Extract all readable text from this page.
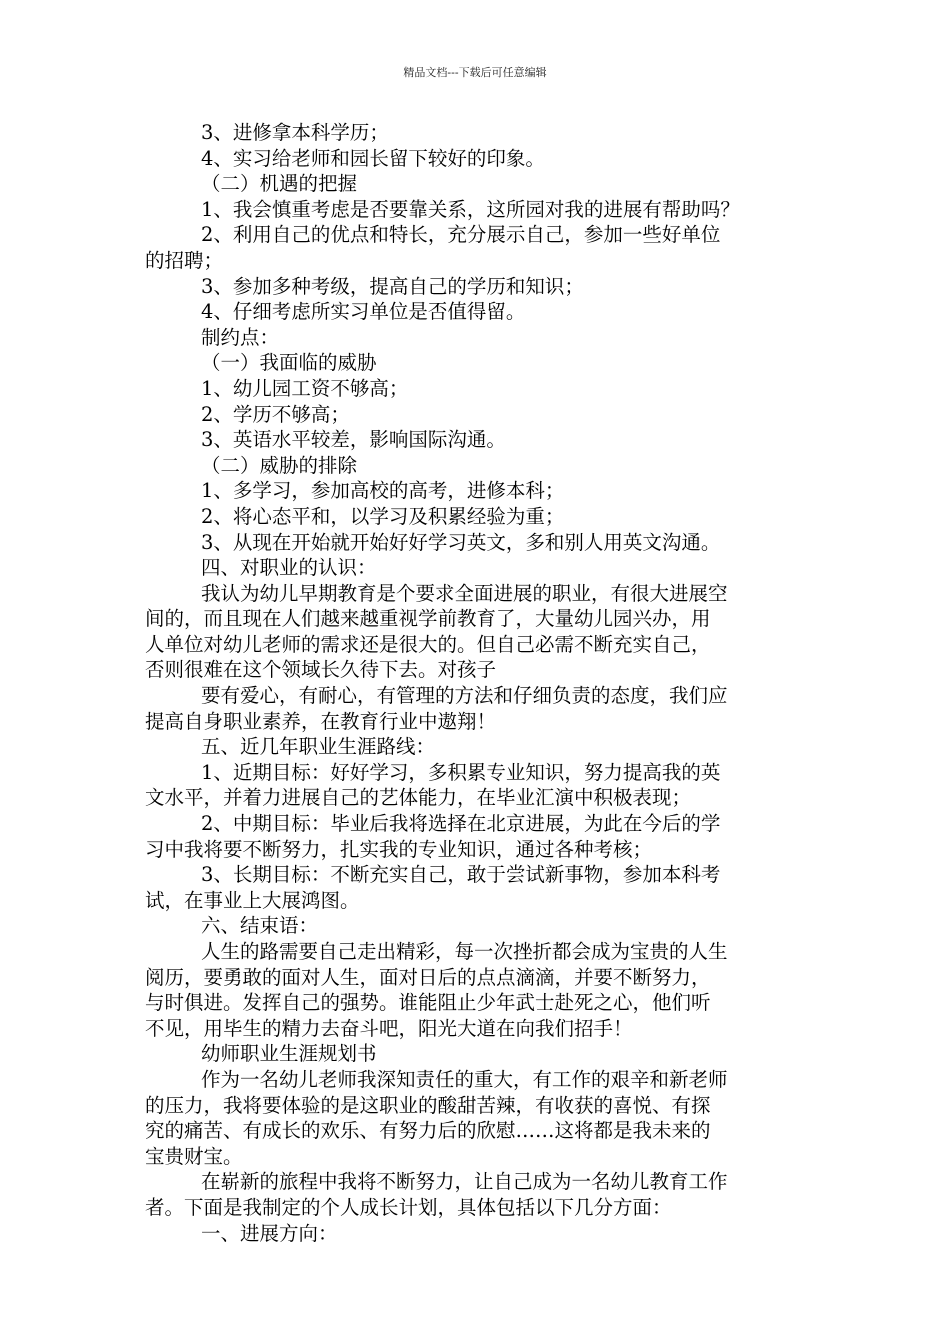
精品文档---下载后可任意编辑
3、进修拿本科学历；
4、实习给老师和园长留下较好的印象。
（二）机遇的把握
1、我会慎重考虑是否要靠关系，这所园对我的进展有帮助吗？
2、利用自己的优点和特长，充分展示自己，参加一些好单位
的招聘；
3、参加多种考级，提高自己的学历和知识；
4、仔细考虑所实习单位是否值得留。
制约点：
（一）我面临的威胁
1、幼儿园工资不够高；
2、学历不够高；
3、英语水平较差，影响国际沟通。
（二）威胁的排除
1、多学习，参加高校的高考，进修本科；
2、将心态平和，以学习及积累经验为重；
3、从现在开始就开始好好学习英文，多和别人用英文沟通。
四、对职业的认识：
我认为幼儿早期教育是个要求全面进展的职业，有很大进展空
间的，而且现在人们越来越重视学前教育了，大量幼儿园兴办，用
人单位对幼儿老师的需求还是很大的。但自己必需不断充实自己，
否则很难在这个领域长久待下去。对孩子
要有爱心，有耐心，有管理的方法和仔细负责的态度，我们应
提高自身职业素养，在教育行业中遨翔！
五、近几年职业生涯路线：
1、近期目标：好好学习，多积累专业知识，努力提高我的英
文水平，并着力进展自己的艺体能力，在毕业汇演中积极表现；
2、中期目标：毕业后我将选择在北京进展，为此在今后的学
习中我将要不断努力，扎实我的专业知识，通过各种考核；
3、长期目标：不断充实自己，敢于尝试新事物，参加本科考
试，在事业上大展鸿图。
六、结束语：
人生的路需要自己走出精彩，每一次挫折都会成为宝贵的人生
阅历，要勇敢的面对人生，面对日后的点点滴滴，并要不断努力，
与时俱进。发挥自己的强势。谁能阻止少年武士赴死之心，他们听
不见，用毕生的精力去奋斗吧，阳光大道在向我们招手！
幼师职业生涯规划书
作为一名幼儿老师我深知责任的重大，有工作的艰辛和新老师
的压力，我将要体验的是这职业的酸甜苦辣，有收获的喜悦、有探
究的痛苦、有成长的欢乐、有努力后的欣慰……这将都是我未来的
宝贵财宝。
在崭新的旅程中我将不断努力，让自己成为一名幼儿教育工作
者。下面是我制定的个人成长计划，具体包括以下几分方面：
一、进展方向：
